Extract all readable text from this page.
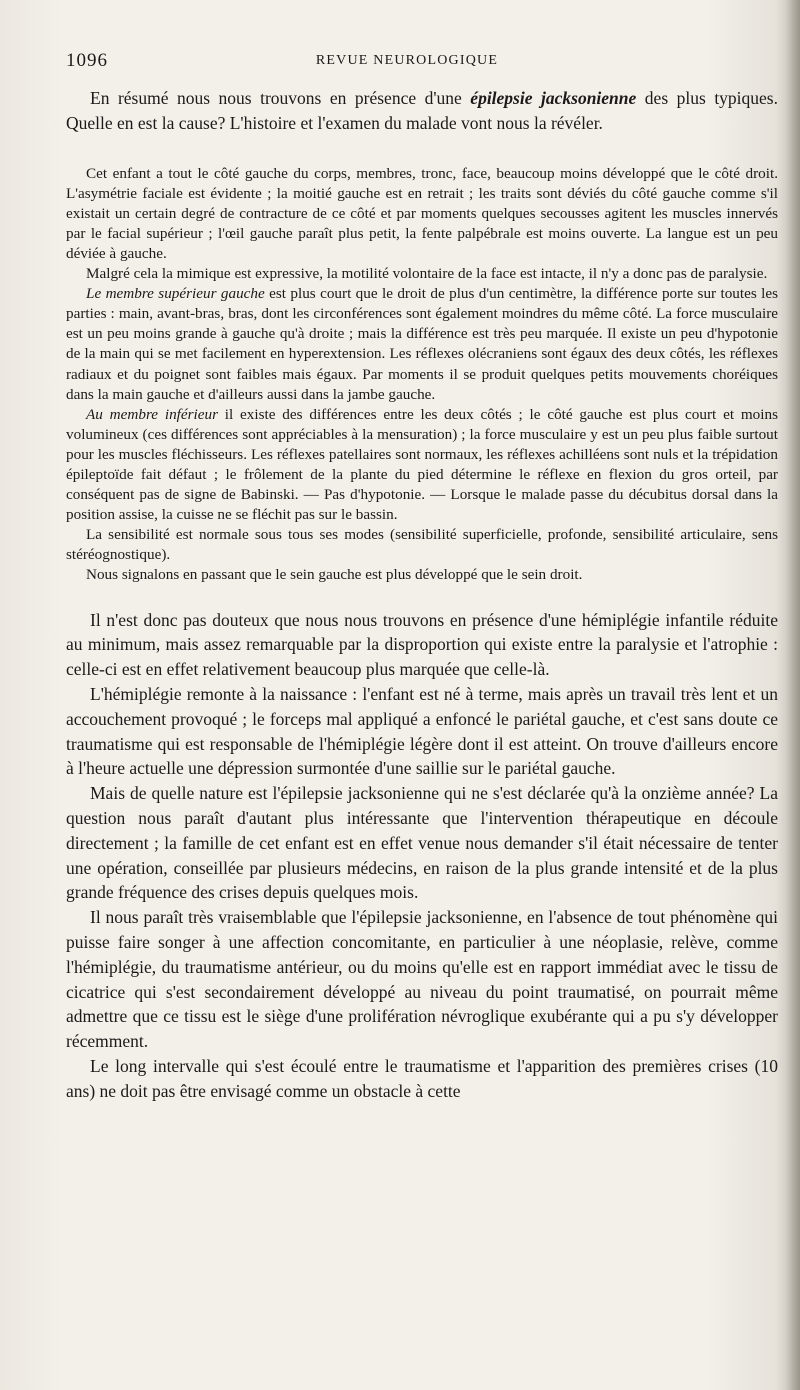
1096	REVUE NEUROLOGIQUE

En résumé nous nous trouvons en présence d'une épilepsie jacksonienne des plus typiques. Quelle en est la cause? L'histoire et l'examen du malade vont nous la révéler.

Cet enfant a tout le côté gauche du corps, membres, tronc, face, beaucoup moins développé que le côté droit. L'asymétrie faciale est évidente ; la moitié gauche est en retrait ; les traits sont déviés du côté gauche comme s'il existait un certain degré de contracture de ce côté et par moments quelques secousses agitent les muscles innervés par le facial supérieur ; l'œil gauche paraît plus petit, la fente palpébrale est moins ouverte. La langue est un peu déviée à gauche.

Malgré cela la mimique est expressive, la motilité volontaire de la face est intacte, il n'y a donc pas de paralysie.

Le membre supérieur gauche est plus court que le droit de plus d'un centimètre, la différence porte sur toutes les parties : main, avant-bras, bras, dont les circonférences sont également moindres du même côté. La force musculaire est un peu moins grande à gauche qu'à droite ; mais la différence est très peu marquée. Il existe un peu d'hypotonie de la main qui se met facilement en hyperextension. Les réflexes olécraniens sont égaux des deux côtés, les réflexes radiaux et du poignet sont faibles mais égaux. Par moments il se produit quelques petits mouvements choréiques dans la main gauche et d'ailleurs aussi dans la jambe gauche.

Au membre inférieur il existe des différences entre les deux côtés ; le côté gauche est plus court et moins volumineux (ces différences sont appréciables à la mensuration) ; la force musculaire y est un peu plus faible surtout pour les muscles fléchisseurs. Les réflexes patellaires sont normaux, les réflexes achilléens sont nuls et la trépidation épileptoïde fait défaut ; le frôlement de la plante du pied détermine le réflexe en flexion du gros orteil, par conséquent pas de signe de Babinski. — Pas d'hypotonie. — Lorsque le malade passe du décubitus dorsal dans la position assise, la cuisse ne se fléchit pas sur le bassin.

La sensibilité est normale sous tous ses modes (sensibilité superficielle, profonde, sensibilité articulaire, sens stéréognostique).

Nous signalons en passant que le sein gauche est plus développé que le sein droit.

Il n'est donc pas douteux que nous nous trouvons en présence d'une hémiplégie infantile réduite au minimum, mais assez remarquable par la disproportion qui existe entre la paralysie et l'atrophie : celle-ci est en effet relativement beaucoup plus marquée que celle-là.

L'hémiplégie remonte à la naissance : l'enfant est né à terme, mais après un travail très lent et un accouchement provoqué ; le forceps mal appliqué a enfoncé le pariétal gauche, et c'est sans doute ce traumatisme qui est responsable de l'hémiplégie légère dont il est atteint. On trouve d'ailleurs encore à l'heure actuelle une dépression surmontée d'une saillie sur le pariétal gauche.

Mais de quelle nature est l'épilepsie jacksonienne qui ne s'est déclarée qu'à la onzième année? La question nous paraît d'autant plus intéressante que l'intervention thérapeutique en découle directement ; la famille de cet enfant est en effet venue nous demander s'il était nécessaire de tenter une opération, conseillée par plusieurs médecins, en raison de la plus grande intensité et de la plus grande fréquence des crises depuis quelques mois.

Il nous paraît très vraisemblable que l'épilepsie jacksonienne, en l'absence de tout phénomène qui puisse faire songer à une affection concomitante, en particulier à une néoplasie, relève, comme l'hémiplégie, du traumatisme antérieur, ou du moins qu'elle est en rapport immédiat avec le tissu de cicatrice qui s'est secondairement développé au niveau du point traumatisé, on pourrait même admettre que ce tissu est le siège d'une prolifération névroglique exubérante qui a pu s'y développer récemment.

Le long intervalle qui s'est écoulé entre le traumatisme et l'apparition des premières crises (10 ans) ne doit pas être envisagé comme un obstacle à cette
